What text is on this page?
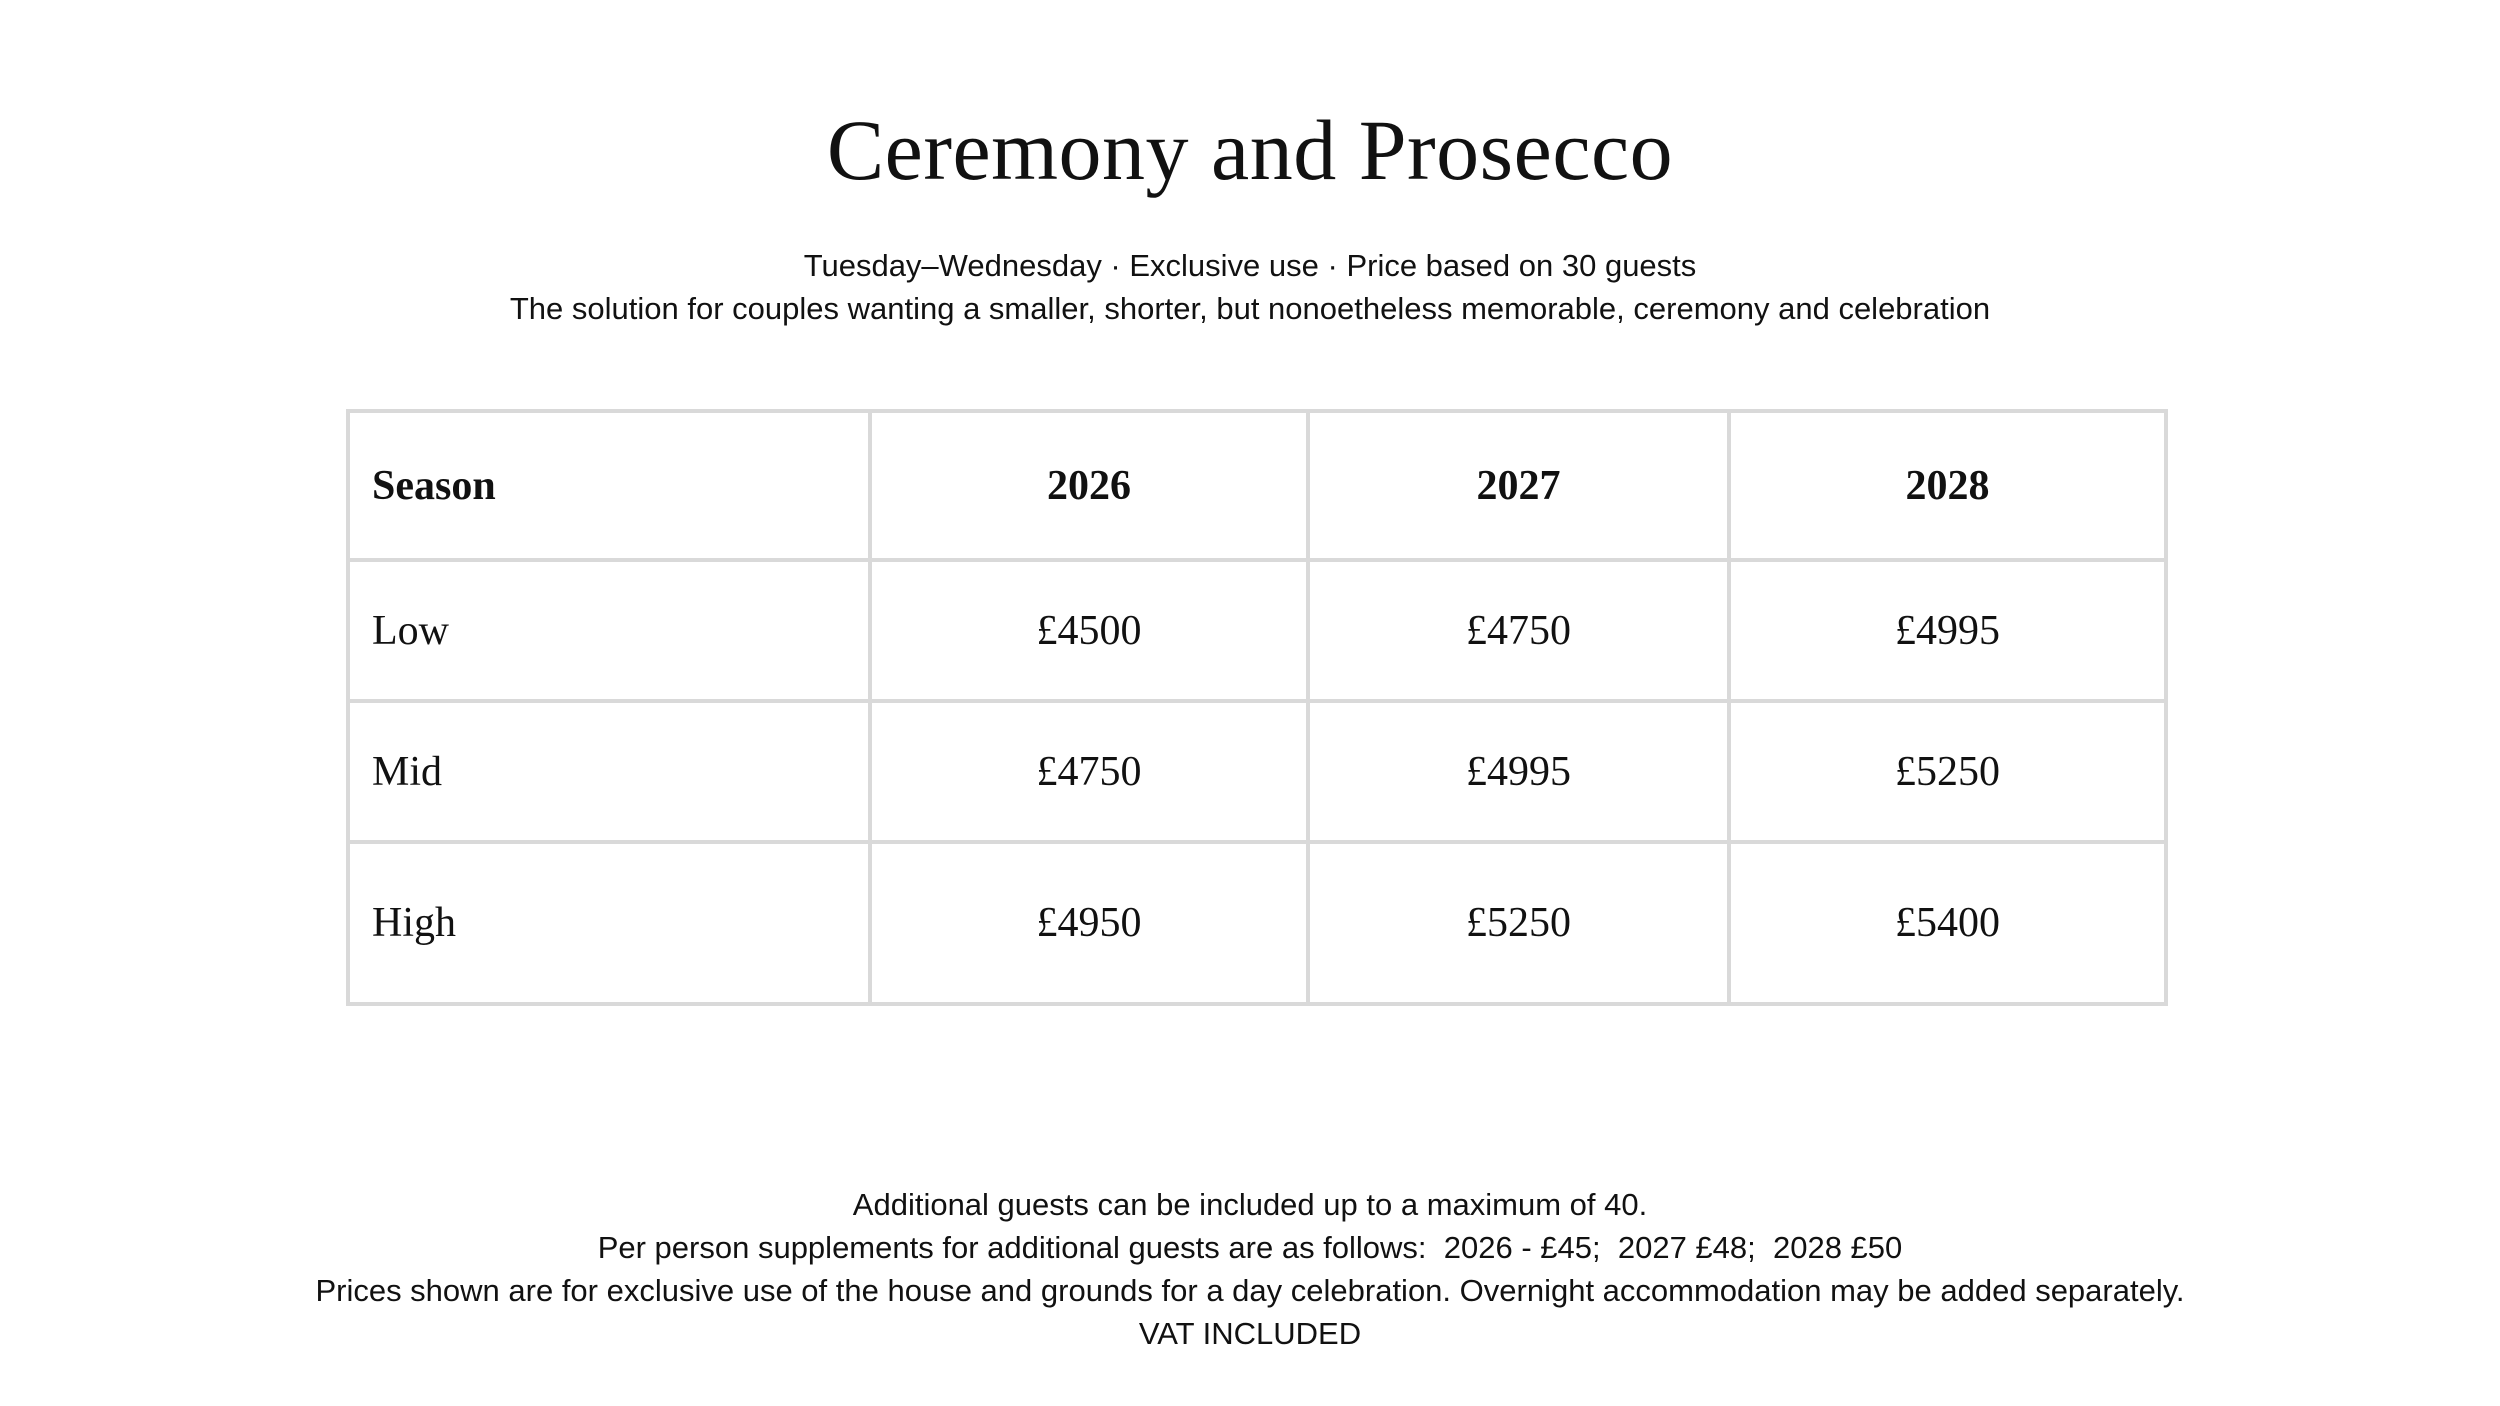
Ceremony and Prosecco

Tuesday–Wednesday · Exclusive use · Price based on 30 guests

The solution for couples wanting a smaller, shorter, but nonoetheless memorable, ceremony and celebration

Season	2026	2027	2028
Low	£4500	£4750	£4995
Mid	£4750	£4995	£5250
High	£4950	£5250	£5400

Additional guests can be included up to a maximum of 40.

Per person supplements for additional guests are as follows:  2026 - £45;  2027 £48;  2028 £50

Prices shown are for exclusive use of the house and grounds for a day celebration. Overnight accommodation may be added separately.

VAT INCLUDED
